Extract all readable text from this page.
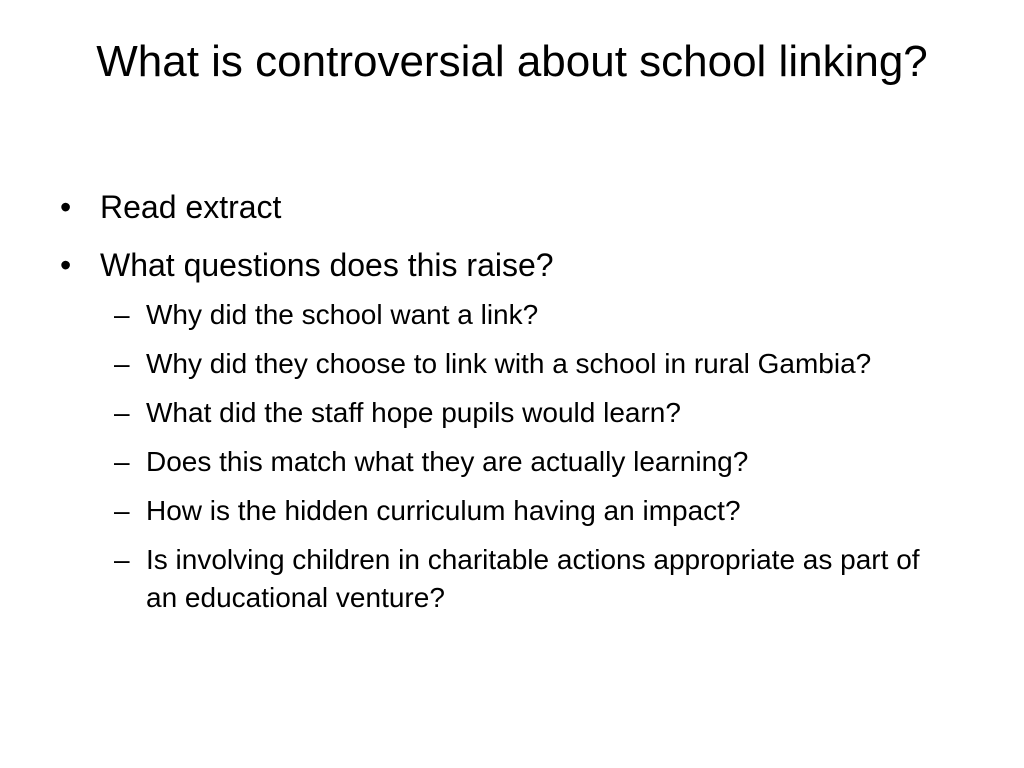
What is controversial about school linking?
• Read extract
• What questions does this raise?
– Why did the school want a link?
– Why did they choose to link with a school in rural Gambia?
– What did the staff hope pupils would learn?
– Does this match what they are actually learning?
– How is the hidden curriculum having an impact?
– Is involving children in charitable actions appropriate as part of an educational venture?
